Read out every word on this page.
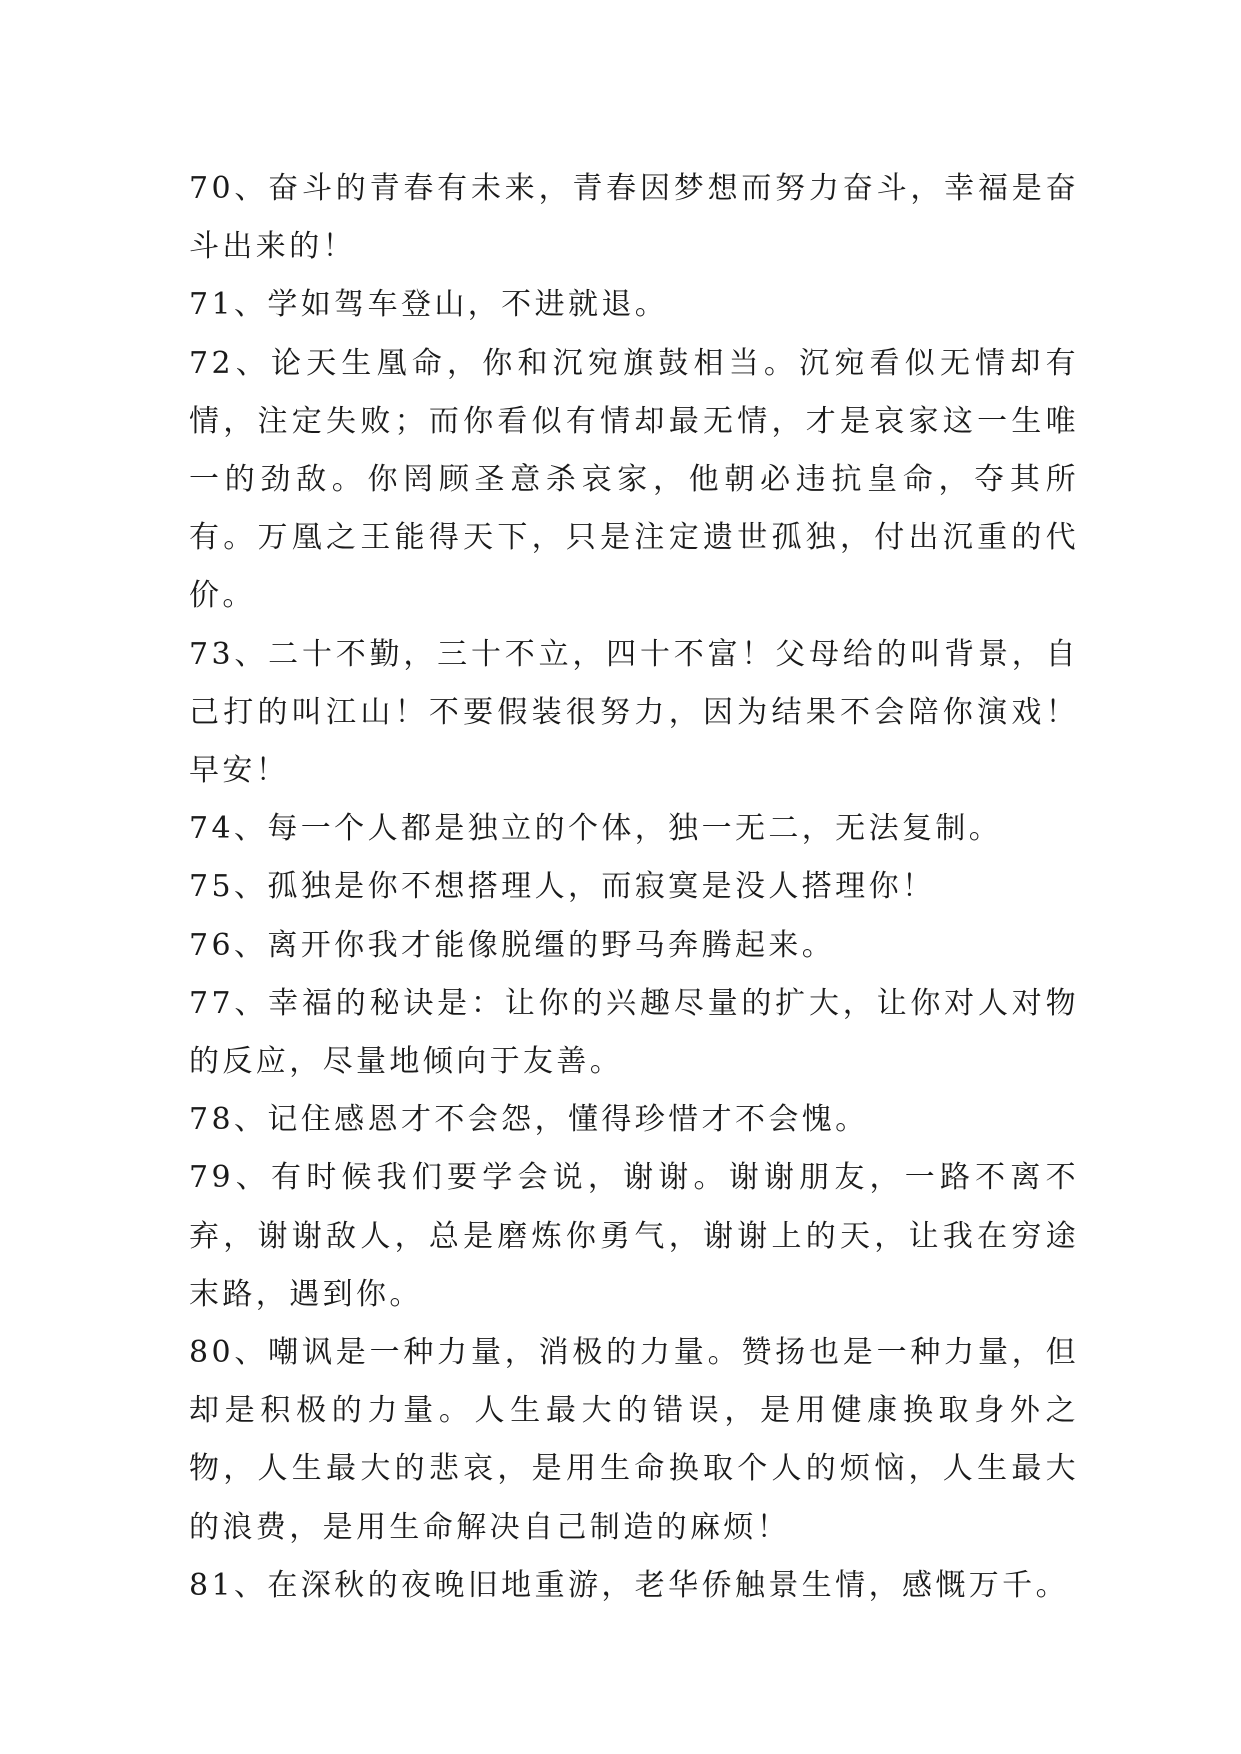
70、奋斗的青春有未来，青春因梦想而努力奋斗，幸福是奋斗出来的！

71、学如驾车登山，不进就退。

72、论天生凰命，你和沉宛旗鼓相当。沉宛看似无情却有情，注定失败；而你看似有情却最无情，才是哀家这一生唯一的劲敌。你罔顾圣意杀哀家，他朝必违抗皇命，夺其所有。万凰之王能得天下，只是注定遗世孤独，付出沉重的代价。

73、二十不勤，三十不立，四十不富！父母给的叫背景，自己打的叫江山！不要假装很努力，因为结果不会陪你演戏！早安！

74、每一个人都是独立的个体，独一无二，无法复制。

75、孤独是你不想搭理人，而寂寞是没人搭理你！

76、离开你我才能像脱缰的野马奔腾起来。

77、幸福的秘诀是：让你的兴趣尽量的扩大，让你对人对物的反应，尽量地倾向于友善。

78、记住感恩才不会怨，懂得珍惜才不会愧。

79、有时候我们要学会说，谢谢。谢谢朋友，一路不离不弃，谢谢敌人，总是磨炼你勇气，谢谢上的天，让我在穷途末路，遇到你。

80、嘲讽是一种力量，消极的力量。赞扬也是一种力量，但却是积极的力量。人生最大的错误，是用健康换取身外之物，人生最大的悲哀，是用生命换取个人的烦恼，人生最大的浪费，是用生命解决自己制造的麻烦！

81、在深秋的夜晚旧地重游，老华侨触景生情，感慨万千。
